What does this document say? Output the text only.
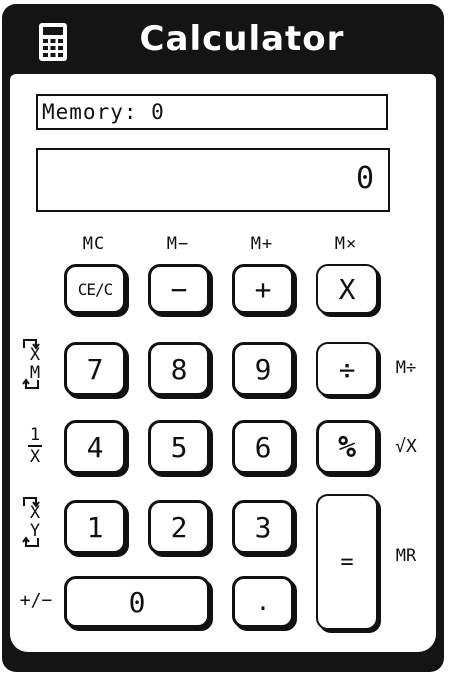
Calculator
Memory: 0
0
MC	M−	M+	M×
CE/C	−	+	X
7	8	9	÷
4	5	6	%
1	2	3
=
0	.
X
M
1
X
X
Y
+/−
M÷
√X
MR
